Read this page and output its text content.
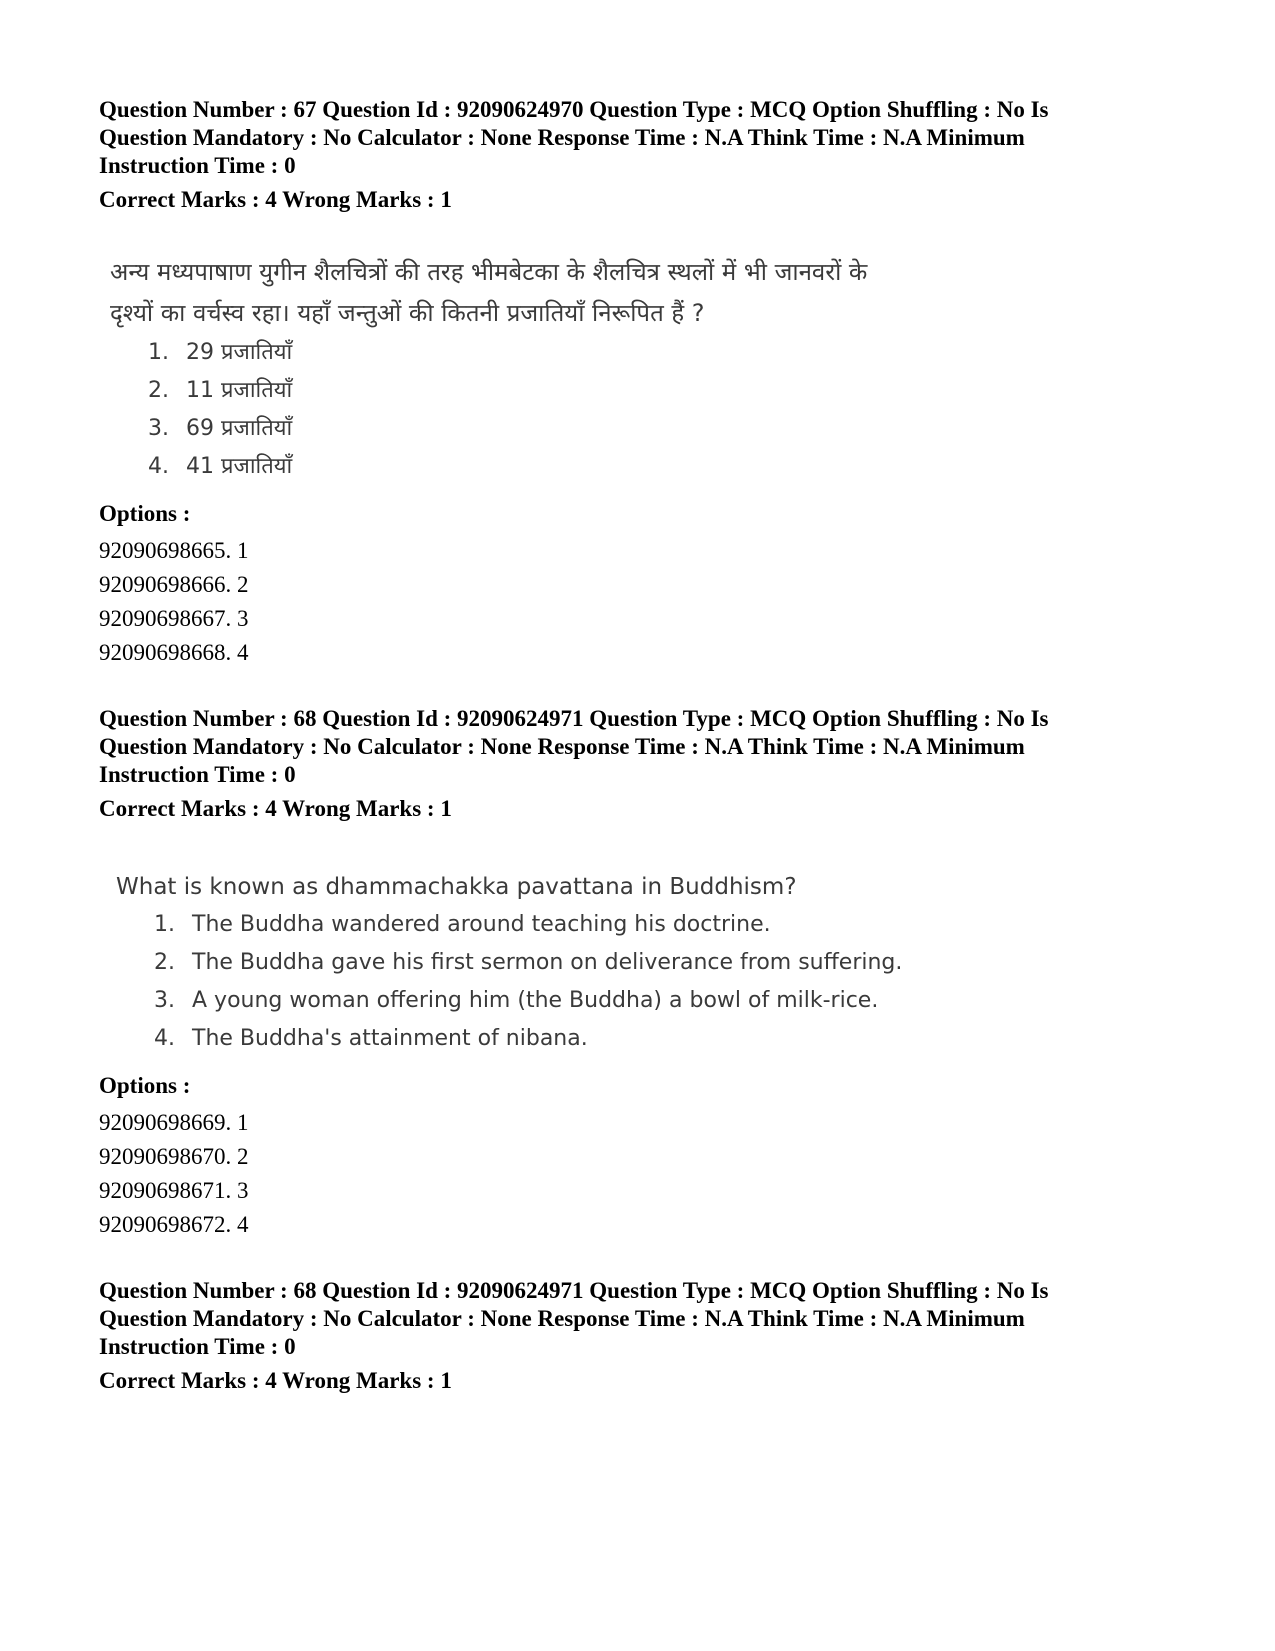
Question Number : 67 Question Id : 92090624970 Question Type : MCQ Option Shuffling : No Is
Question Mandatory : No Calculator : None Response Time : N.A Think Time : N.A Minimum
Instruction Time : 0
Correct Marks : 4 Wrong Marks : 1
अन्य मध्यपाषाण युगीन शैलचित्रों की तरह भीमबेटका के शैलचित्र स्थलों में भी जानवरों के
दृश्यों का वर्चस्व रहा। यहाँ जन्तुओं की कितनी प्रजातियाँ निरूपित हैं ?
1. 29 प्रजातियाँ
2. 11 प्रजातियाँ
3. 69 प्रजातियाँ
4. 41 प्रजातियाँ
Options :
92090698665. 1
92090698666. 2
92090698667. 3
92090698668. 4
Question Number : 68 Question Id : 92090624971 Question Type : MCQ Option Shuffling : No Is
Question Mandatory : No Calculator : None Response Time : N.A Think Time : N.A Minimum
Instruction Time : 0
Correct Marks : 4 Wrong Marks : 1
What is known as dhammachakka pavattana in Buddhism?
1. The Buddha wandered around teaching his doctrine.
2. The Buddha gave his first sermon on deliverance from suffering.
3. A young woman offering him (the Buddha) a bowl of milk-rice.
4. The Buddha's attainment of nibana.
Options :
92090698669. 1
92090698670. 2
92090698671. 3
92090698672. 4
Question Number : 68 Question Id : 92090624971 Question Type : MCQ Option Shuffling : No Is
Question Mandatory : No Calculator : None Response Time : N.A Think Time : N.A Minimum
Instruction Time : 0
Correct Marks : 4 Wrong Marks : 1
